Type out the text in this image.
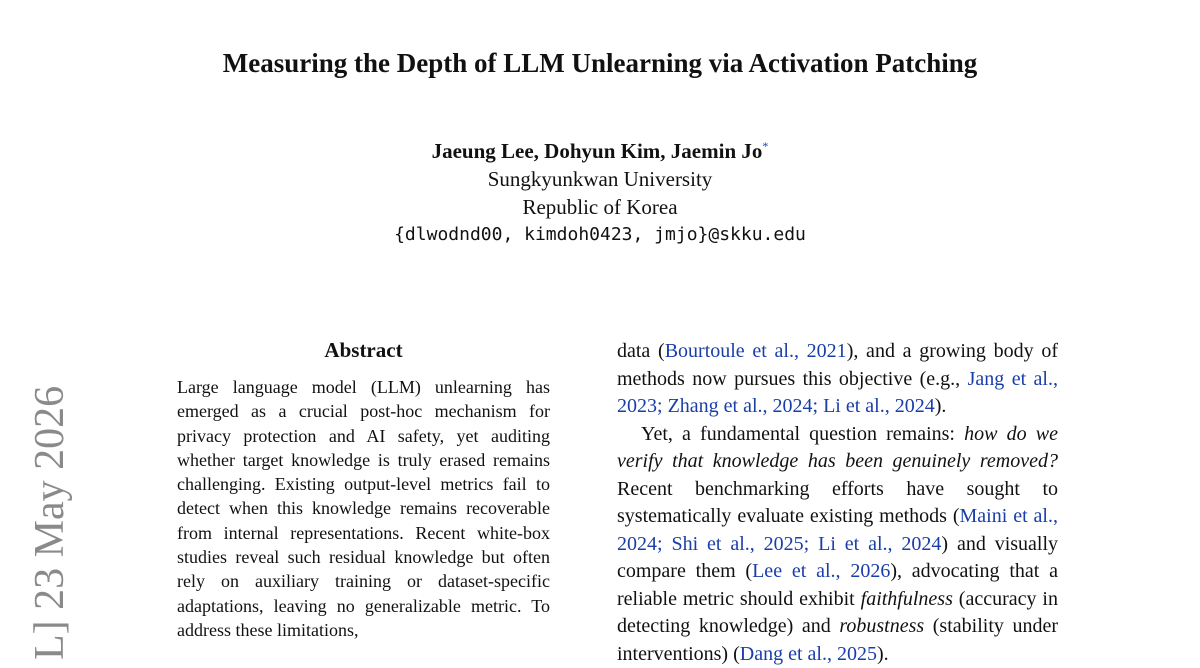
Measuring the Depth of LLM Unlearning via Activation Patching
Jaeung Lee, Dohyun Kim, Jaemin Jo*
Sungkyunkwan University
Republic of Korea
{dlwodnd00, kimdoh0423, jmjo}@skku.edu
L] 23 May 2026
Abstract

Large language model (LLM) unlearning has emerged as a crucial post-hoc mechanism for privacy protection and AI safety, yet auditing whether target knowledge is truly erased remains challenging. Existing output-level metrics fail to detect when this knowledge remains recoverable from internal representations. Recent white-box studies reveal such residual knowledge but often rely on auxiliary training or dataset-specific adaptations, leaving no generalizable metric. To address these limitations,

data (Bourtoule et al., 2021), and a growing body of methods now pursues this objective (e.g., Jang et al., 2023; Zhang et al., 2024; Li et al., 2024).

Yet, a fundamental question remains: how do we verify that knowledge has been genuinely removed? Recent benchmarking efforts have sought to systematically evaluate existing methods (Maini et al., 2024; Shi et al., 2025; Li et al., 2024) and visually compare them (Lee et al., 2026), advocating that a reliable metric should exhibit faithfulness (accuracy in detecting knowledge) and robustness (stability under interventions) (Dang et al., 2025).
